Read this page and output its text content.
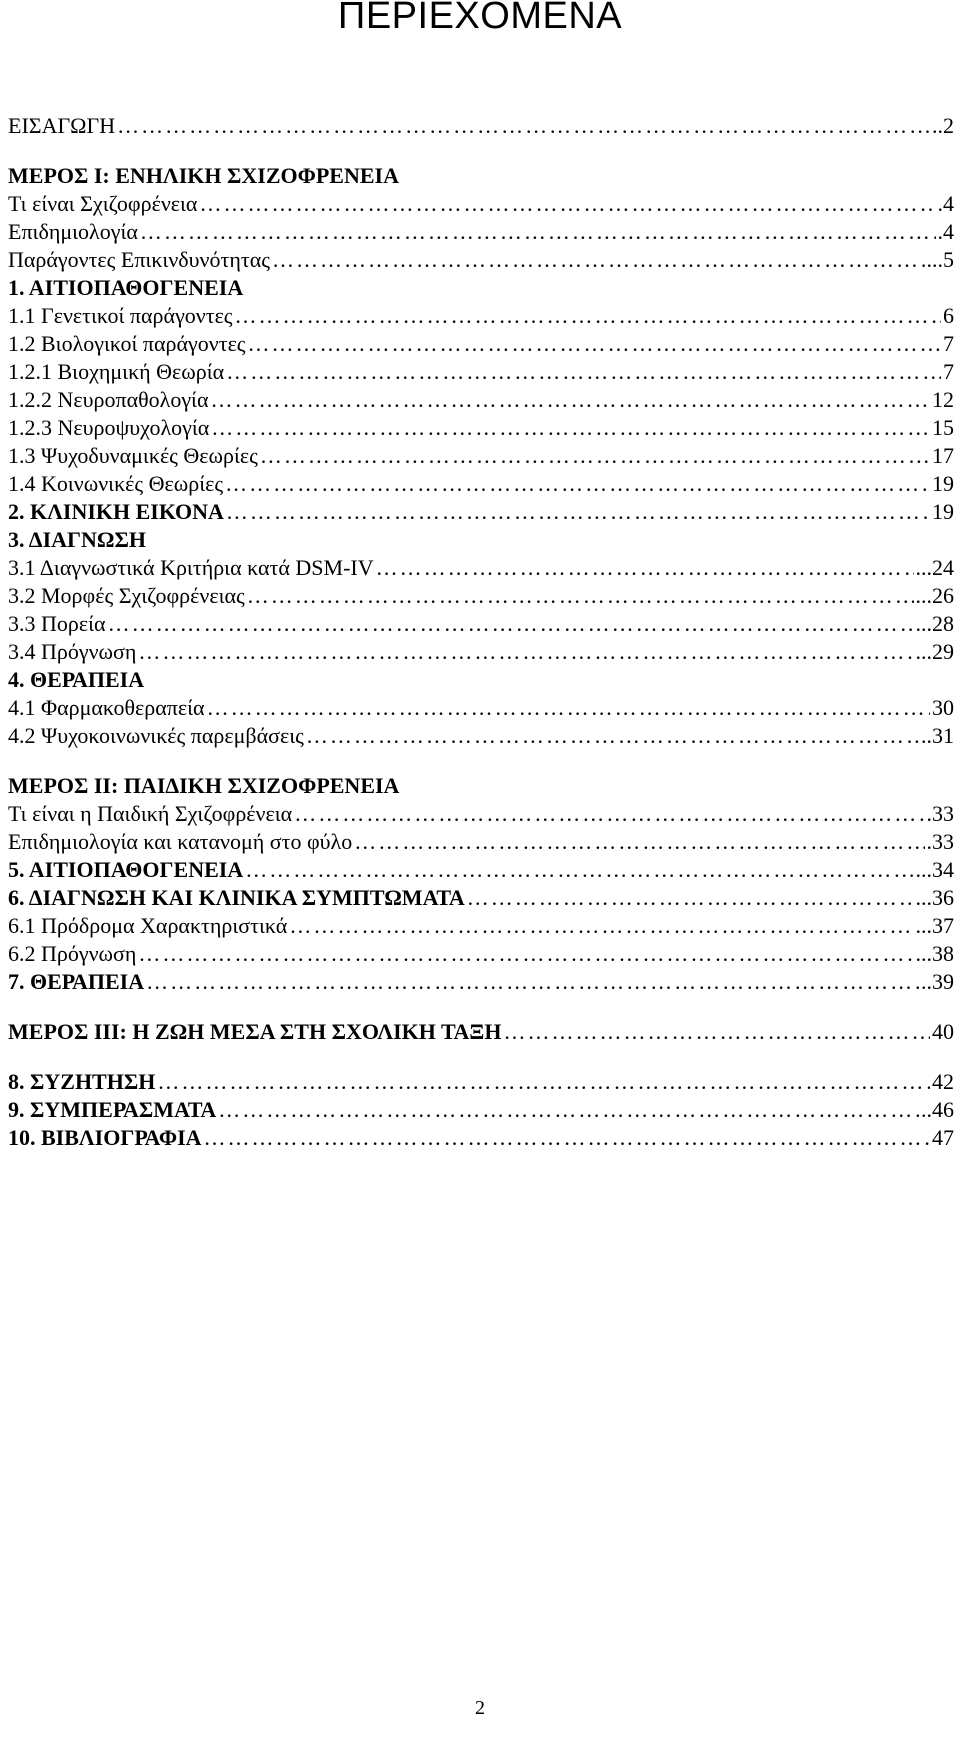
ΠΕΡΙΕΧΟΜΕΝΑ
ΕΙΣΑΓΩΓΗ …………………………………………………………………………………………………………………………………………………………………………………………………	..2
ΜΕΡΟΣ Ι: ΕΝΗΛΙΚΗ ΣΧΙΖΟΦΡΕΝΕΙΑ
Τι είναι Σχιζοφρένεια …………………………………………………………………………………………………………………………………………………………………………………………………	.4
Επιδημιολογία …………………………………………………………………………………………………………………………………………………………………………………………………	.4
Παράγοντες Επικινδυνότητας …………………………………………………………………………………………………………………………………………………………………………………………………	...5
1. ΑΙΤΙΟΠΑΘΟΓΕΝΕΙΑ
1.1 Γενετικοί παράγοντες …………………………………………………………………………………………………………………………………………………………………………………………………	6
1.2 Βιολογικοί παράγοντες …………………………………………………………………………………………………………………………………………………………………………………………………	7
1.2.1 Βιοχημική Θεωρία …………………………………………………………………………………………………………………………………………………………………………………………………	7
1.2.2 Νευροπαθολογία …………………………………………………………………………………………………………………………………………………………………………………………………	12
1.2.3 Νευροψυχολογία …………………………………………………………………………………………………………………………………………………………………………………………………	15
1.3 Ψυχοδυναμικές Θεωρίες …………………………………………………………………………………………………………………………………………………………………………………………………	17
1.4 Κοινωνικές Θεωρίες …………………………………………………………………………………………………………………………………………………………………………………………………	19
2. ΚΛΙΝΙΚΗ ΕΙΚΟΝΑ …………………………………………………………………………………………………………………………………………………………………………………………………	19
3. ΔΙΑΓΝΩΣΗ
3.1 Διαγνωστικά Κριτήρια κατά DSM-IV …………………………………………………………………………………………………………………………………………………………………………………………………	...24
3.2 Μορφές Σχιζοφρένειας …………………………………………………………………………………………………………………………………………………………………………………………………	...26
3.3 Πορεία …………………………………………………………………………………………………………………………………………………………………………………………………	...28
3.4 Πρόγνωση …………………………………………………………………………………………………………………………………………………………………………………………………	...29
4. ΘΕΡΑΠΕΙΑ
4.1 Φαρμακοθεραπεία …………………………………………………………………………………………………………………………………………………………………………………………………	30
4.2 Ψυχοκοινωνικές παρεμβάσεις …………………………………………………………………………………………………………………………………………………………………………………………………	..31
ΜΕΡΟΣ ΙΙ: ΠΑΙΔΙΚΗ ΣΧΙΖΟΦΡΕΝΕΙΑ
Τι είναι η Παιδική Σχιζοφρένεια …………………………………………………………………………………………………………………………………………………………………………………………………	.33
Επιδημιολογία και κατανομή στο φύλο …………………………………………………………………………………………………………………………………………………………………………………………………	.33
5. ΑΙΤΙΟΠΑΘΟΓΕΝΕΙΑ …………………………………………………………………………………………………………………………………………………………………………………………………	...34
6. ΔΙΑΓΝΩΣΗ ΚΑΙ ΚΛΙΝΙΚΑ ΣΥΜΠΤΩΜΑΤΑ …………………………………………………………………………………………………………………………………………………………………………………………………	...36
6.1 Πρόδρομα Χαρακτηριστικά …………………………………………………………………………………………………………………………………………………………………………………………………	...37
6.2 Πρόγνωση …………………………………………………………………………………………………………………………………………………………………………………………………	...38
7. ΘΕΡΑΠΕΙΑ …………………………………………………………………………………………………………………………………………………………………………………………………	..39
ΜΕΡΟΣ ΙΙΙ: Η ΖΩΗ ΜΕΣΑ ΣΤΗ ΣΧΟΛΙΚΗ ΤΑΞΗ …………………………………………………………………………………………………………………………………………………………………………………………………	40
8. ΣΥΖΗΤΗΣΗ …………………………………………………………………………………………………………………………………………………………………………………………………	42
9. ΣΥΜΠΕΡΑΣΜΑΤΑ …………………………………………………………………………………………………………………………………………………………………………………………………	..46
10. ΒΙΒΛΙΟΓΡΑΦΙΑ …………………………………………………………………………………………………………………………………………………………………………………………………	47
2
